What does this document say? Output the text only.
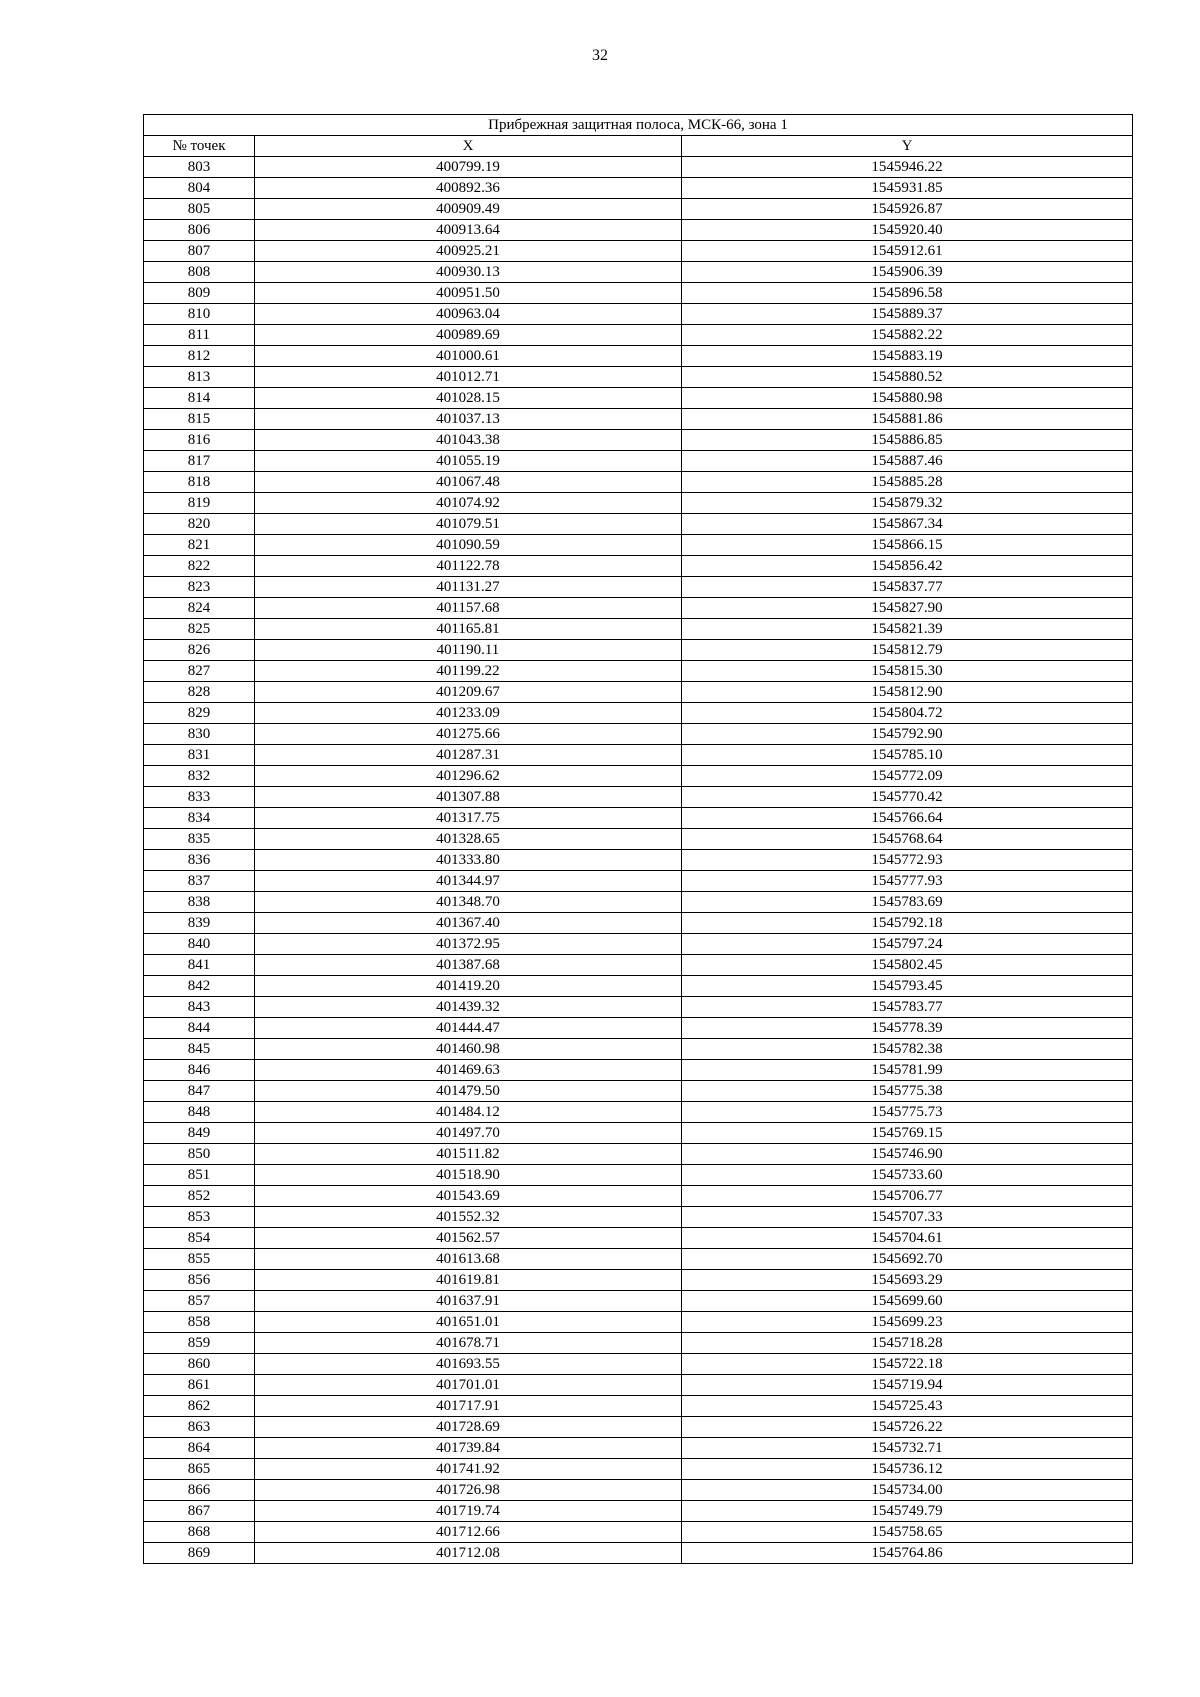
32
Прибрежная защитная полоса, МСК-66, зона 1		
№ точек	X	Y
803	400799.19	1545946.22
804	400892.36	1545931.85
805	400909.49	1545926.87
806	400913.64	1545920.40
807	400925.21	1545912.61
808	400930.13	1545906.39
809	400951.50	1545896.58
810	400963.04	1545889.37
811	400989.69	1545882.22
812	401000.61	1545883.19
813	401012.71	1545880.52
814	401028.15	1545880.98
815	401037.13	1545881.86
816	401043.38	1545886.85
817	401055.19	1545887.46
818	401067.48	1545885.28
819	401074.92	1545879.32
820	401079.51	1545867.34
821	401090.59	1545866.15
822	401122.78	1545856.42
823	401131.27	1545837.77
824	401157.68	1545827.90
825	401165.81	1545821.39
826	401190.11	1545812.79
827	401199.22	1545815.30
828	401209.67	1545812.90
829	401233.09	1545804.72
830	401275.66	1545792.90
831	401287.31	1545785.10
832	401296.62	1545772.09
833	401307.88	1545770.42
834	401317.75	1545766.64
835	401328.65	1545768.64
836	401333.80	1545772.93
837	401344.97	1545777.93
838	401348.70	1545783.69
839	401367.40	1545792.18
840	401372.95	1545797.24
841	401387.68	1545802.45
842	401419.20	1545793.45
843	401439.32	1545783.77
844	401444.47	1545778.39
845	401460.98	1545782.38
846	401469.63	1545781.99
847	401479.50	1545775.38
848	401484.12	1545775.73
849	401497.70	1545769.15
850	401511.82	1545746.90
851	401518.90	1545733.60
852	401543.69	1545706.77
853	401552.32	1545707.33
854	401562.57	1545704.61
855	401613.68	1545692.70
856	401619.81	1545693.29
857	401637.91	1545699.60
858	401651.01	1545699.23
859	401678.71	1545718.28
860	401693.55	1545722.18
861	401701.01	1545719.94
862	401717.91	1545725.43
863	401728.69	1545726.22
864	401739.84	1545732.71
865	401741.92	1545736.12
866	401726.98	1545734.00
867	401719.74	1545749.79
868	401712.66	1545758.65
869	401712.08	1545764.86
